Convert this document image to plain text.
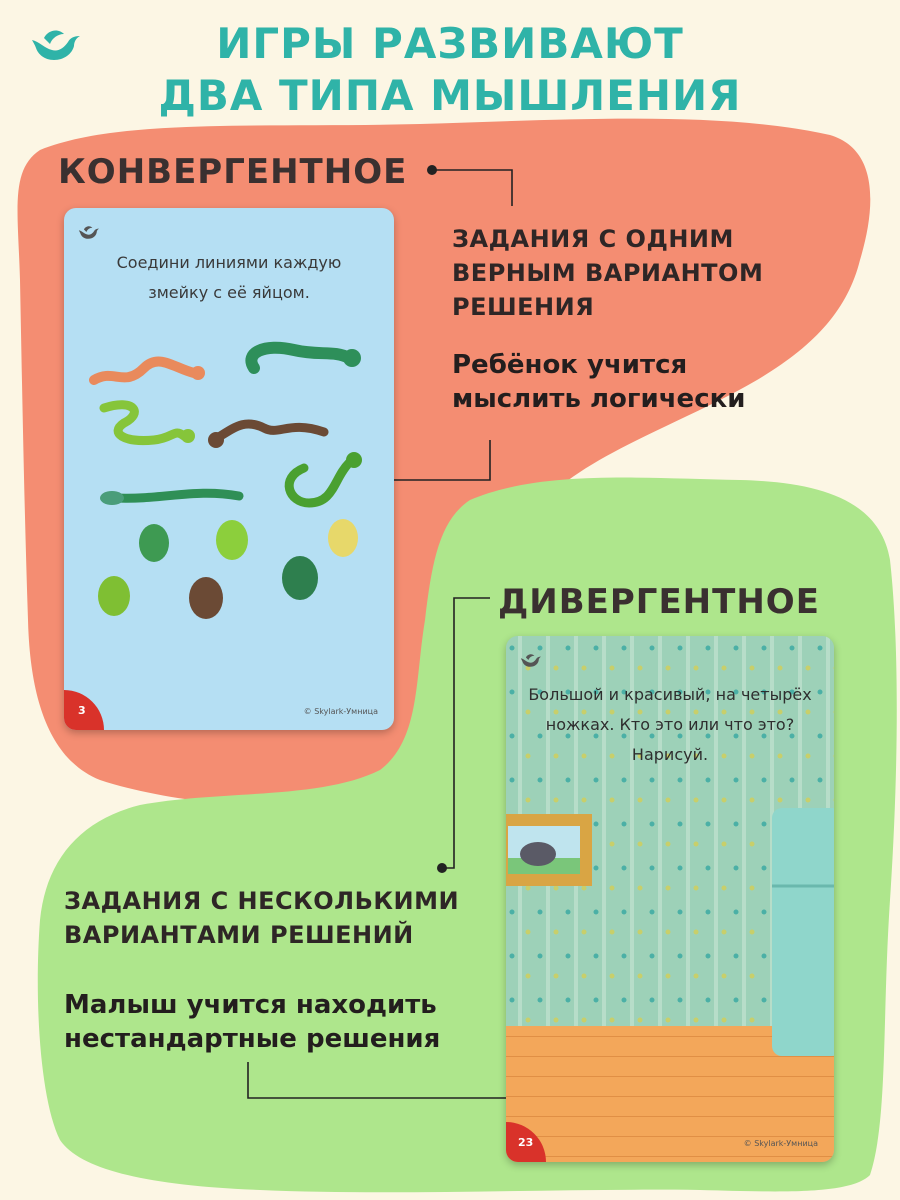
ИГРЫ РАЗВИВАЮТ
ДВА ТИПА МЫШЛЕНИЯ
КОНВЕРГЕНТНОЕ
ЗАДАНИЯ С ОДНИМ
ВЕРНЫМ ВАРИАНТОМ
РЕШЕНИЯ
Ребёнок учится
мыслить логически
Соедини линиями каждую
змейку с её яйцом.
3	© Skylark-Умница
ДИВЕРГЕНТНОЕ
Большой и красивый, на четырёх
ножках. Кто это или что это?
Нарисуй.
23	© Skylark-Умница
ЗАДАНИЯ С НЕСКОЛЬКИМИ
ВАРИАНТАМИ РЕШЕНИЙ
Малыш учится находить
нестандартные решения
